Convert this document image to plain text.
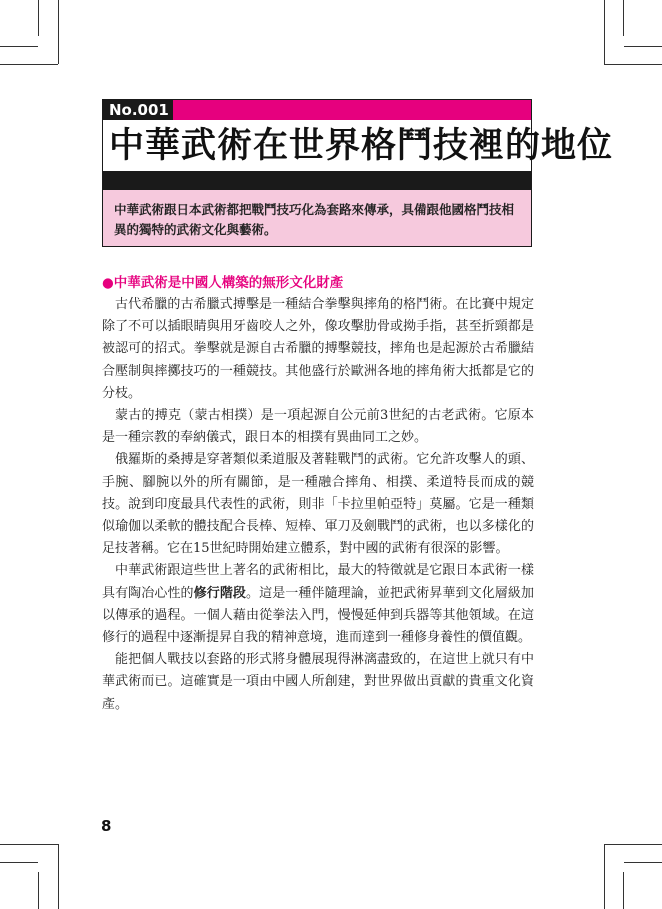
No.001
中華武術在世界格鬥技裡的地位
中華武術跟日本武術都把戰鬥技巧化為套路來傳承，具備跟他國格鬥技相異的獨特的武術文化與藝術。
●中華武術是中國人構築的無形文化財產

古代希臘的古希臘式搏擊是一種結合拳擊與摔角的格鬥術。在比賽中規定除了不可以插眼睛與用牙齒咬人之外，像攻擊肋骨或拗手指，甚至折頸都是被認可的招式。拳擊就是源自古希臘的搏擊競技，摔角也是起源於古希臘結合壓制與摔擲技巧的一種競技。其他盛行於歐洲各地的摔角術大抵都是它的分枝。

蒙古的搏克（蒙古相撲）是一項起源自公元前3世紀的古老武術。它原本是一種宗教的奉納儀式，跟日本的相撲有異曲同工之妙。

俄羅斯的桑搏是穿著類似柔道服及著鞋戰鬥的武術。它允許攻擊人的頭、手腕、腳腕以外的所有關節，是一種融合摔角、相撲、柔道特長而成的競技。說到印度最具代表性的武術，則非「卡拉里帕亞特」莫屬。它是一種類似瑜伽以柔軟的體技配合長棒、短棒、軍刀及劍戰鬥的武術，也以多樣化的足技著稱。它在15世紀時開始建立體系，對中國的武術有很深的影響。

中華武術跟這些世上著名的武術相比，最大的特徵就是它跟日本武術一樣具有陶冶心性的修行階段。這是一種伴隨理論，並把武術昇華到文化層級加以傳承的過程。一個人藉由從拳法入門，慢慢延伸到兵器等其他領域。在這修行的過程中逐漸提昇自我的精神意境，進而達到一種修身養性的價值觀。

能把個人戰技以套路的形式將身體展現得淋漓盡致的，在這世上就只有中華武術而已。這確實是一項由中國人所創建，對世界做出貢獻的貴重文化資產。

8
